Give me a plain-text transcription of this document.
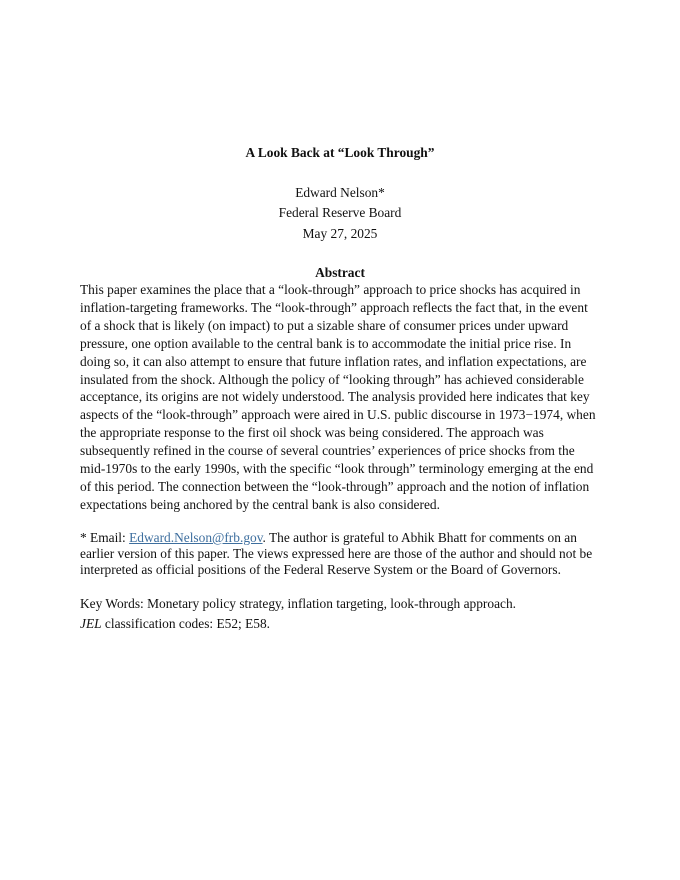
A Look Back at “Look Through”
Edward Nelson*
Federal Reserve Board
May 27, 2025
Abstract
This paper examines the place that a “look-through” approach to price shocks has acquired in
inflation-targeting frameworks. The “look-through” approach reflects the fact that, in the event
of a shock that is likely (on impact) to put a sizable share of consumer prices under upward
pressure, one option available to the central bank is to accommodate the initial price rise. In
doing so, it can also attempt to ensure that future inflation rates, and inflation expectations, are
insulated from the shock. Although the policy of “looking through” has achieved considerable
acceptance, its origins are not widely understood. The analysis provided here indicates that key
aspects of the “look-through” approach were aired in U.S. public discourse in 1973−1974, when
the appropriate response to the first oil shock was being considered. The approach was
subsequently refined in the course of several countries’ experiences of price shocks from the
mid-1970s to the early 1990s, with the specific “look through” terminology emerging at the end
of this period. The connection between the “look-through” approach and the notion of inflation
expectations being anchored by the central bank is also considered.
* Email: Edward.Nelson@frb.gov. The author is grateful to Abhik Bhatt for comments on an
earlier version of this paper. The views expressed here are those of the author and should not be
interpreted as official positions of the Federal Reserve System or the Board of Governors.
Key Words: Monetary policy strategy, inflation targeting, look-through approach.
JEL classification codes: E52; E58.
